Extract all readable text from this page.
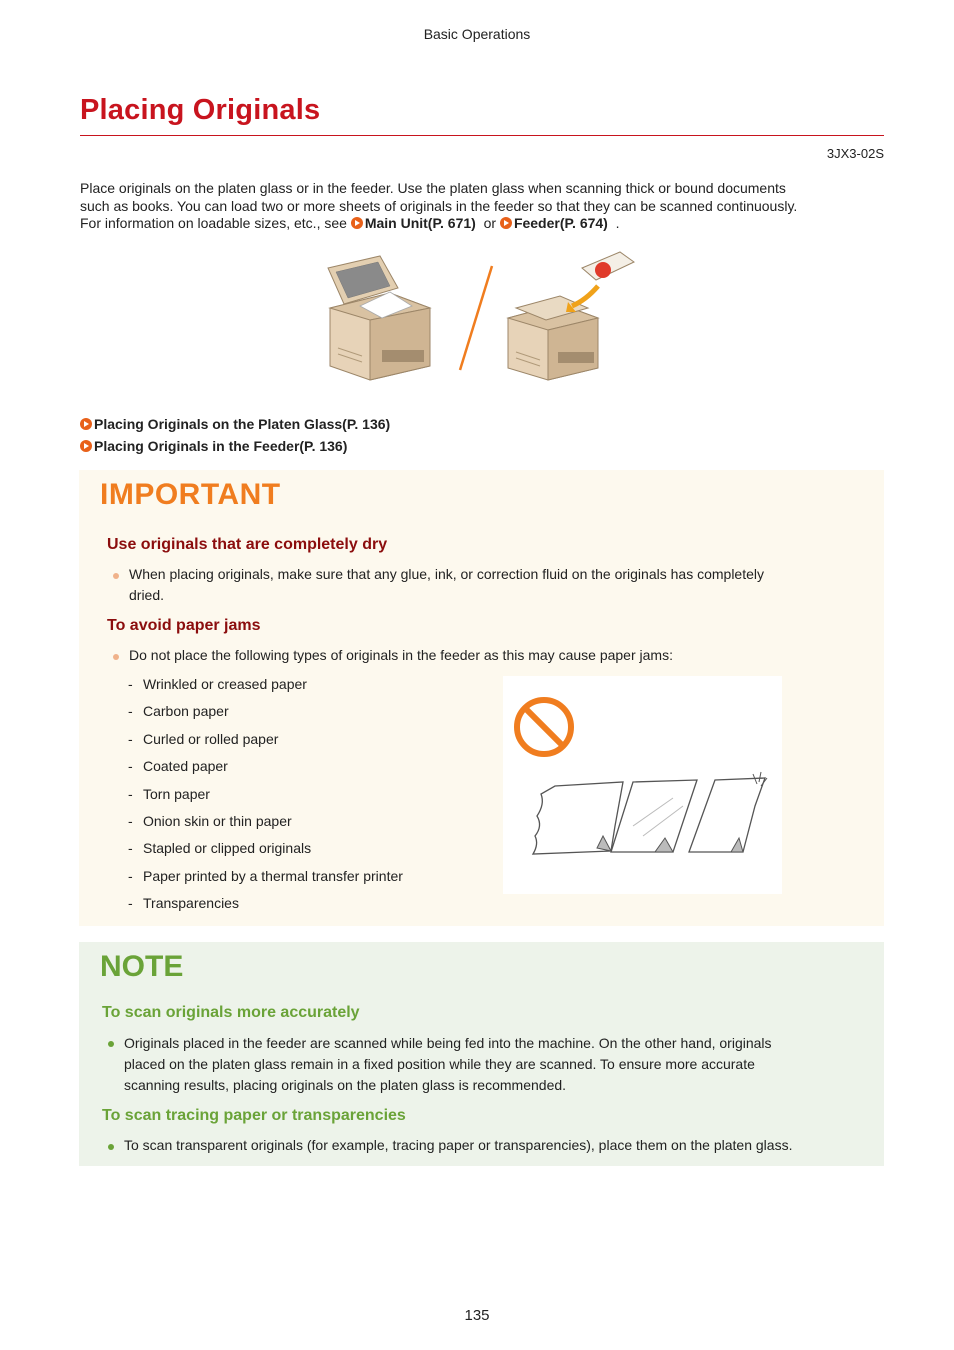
Basic Operations
Placing Originals
3JX3-02S
Place originals on the platen glass or in the feeder. Use the platen glass when scanning thick or bound documents
such as books. You can load two or more sheets of originals in the feeder so that they can be scanned continuously.
For information on loadable sizes, etc., see Main Unit(P. 671) or Feeder(P. 674) .
Placing Originals on the Platen Glass(P. 136)
Placing Originals in the Feeder(P. 136)
IMPORTANT
Use originals that are completely dry
When placing originals, make sure that any glue, ink, or correction fluid on the originals has completely
dried.
To avoid paper jams
Do not place the following types of originals in the feeder as this may cause paper jams:
- Wrinkled or creased paper
- Carbon paper
- Curled or rolled paper
- Coated paper
- Torn paper
- Onion skin or thin paper
- Stapled or clipped originals
- Paper printed by a thermal transfer printer
- Transparencies
NOTE
To scan originals more accurately
Originals placed in the feeder are scanned while being fed into the machine. On the other hand, originals
placed on the platen glass remain in a fixed position while they are scanned. To ensure more accurate
scanning results, placing originals on the platen glass is recommended.
To scan tracing paper or transparencies
To scan transparent originals (for example, tracing paper or transparencies), place them on the platen glass.
135
